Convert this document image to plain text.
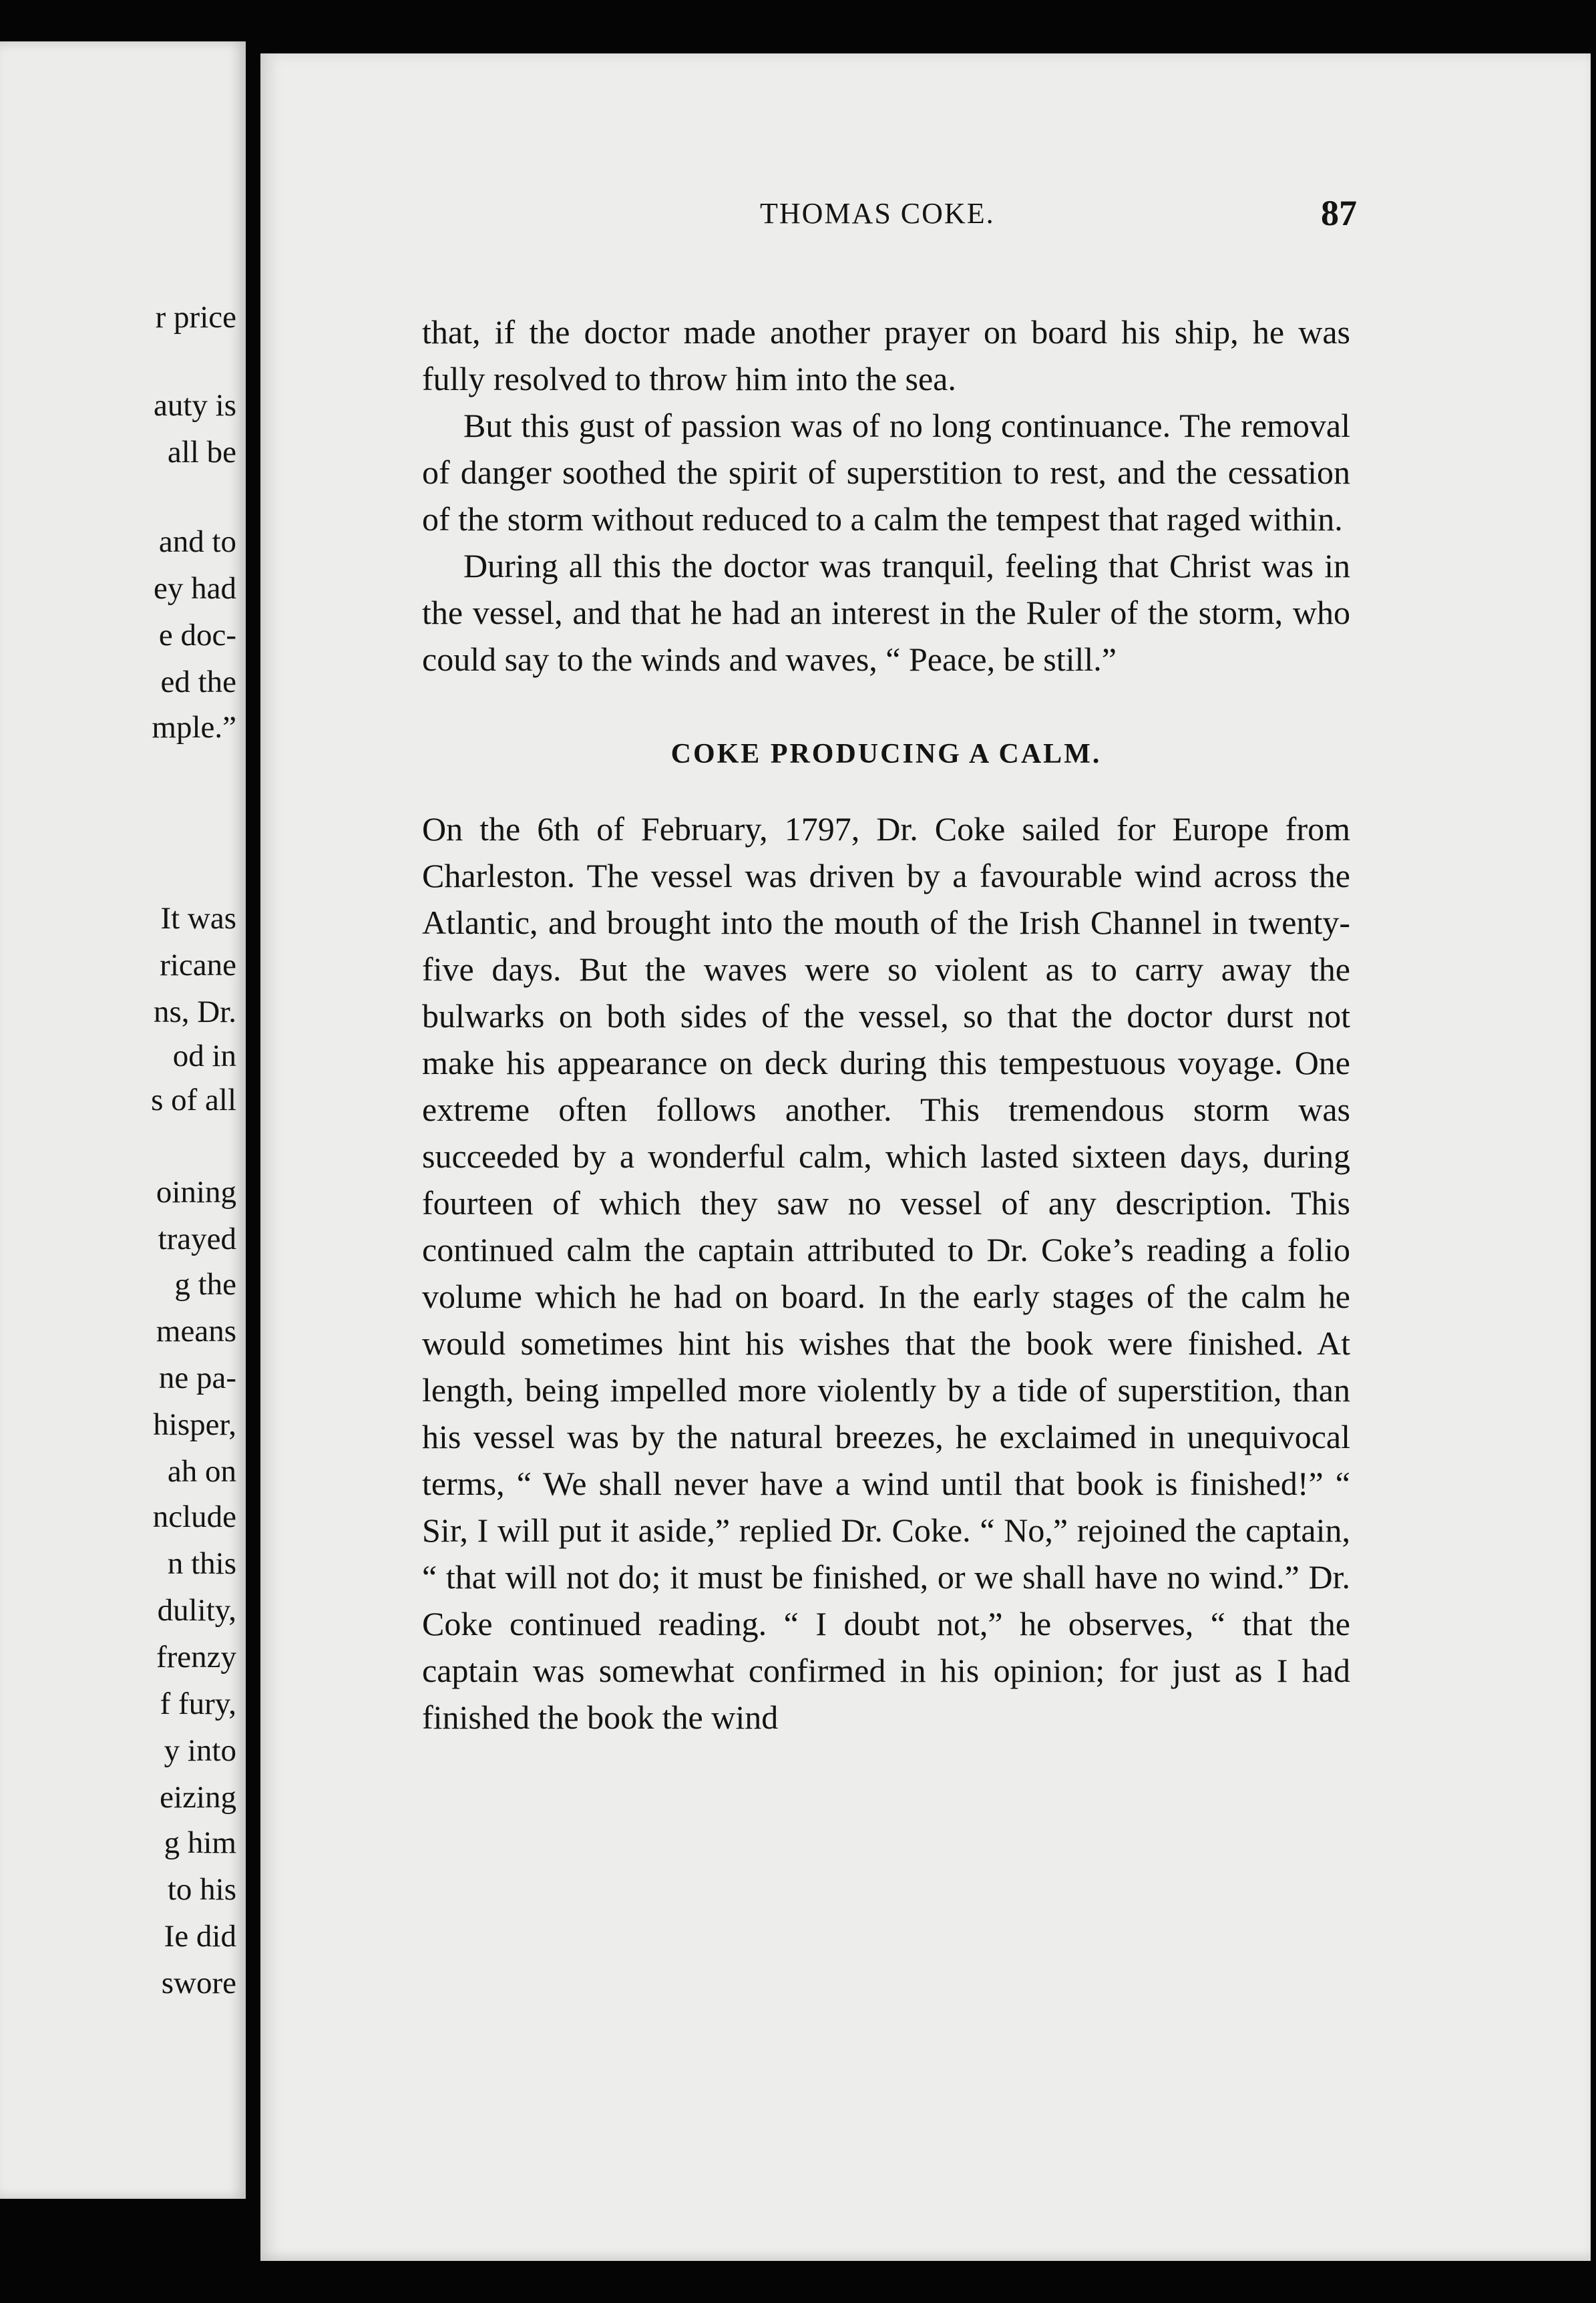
r price

auty is

all be

and to

ey had

e doc-

ed the

mple.”

It was

ricane

ns, Dr.

od in

s of all

oining

trayed

g the

means

ne pa-

hisper,

ah on

nclude

n this

dulity,

frenzy

f fury,

y into

eizing

g him

to his

Ie did

swore

THOMAS COKE.	87

that, if the doctor made another prayer on board his ship, he was fully resolved to throw him into the sea.

But this gust of passion was of no long continuance. The removal of danger soothed the spirit of superstition to rest, and the cessation of the storm without reduced to a calm the tempest that raged within.

During all this the doctor was tranquil, feeling that Christ was in the vessel, and that he had an interest in the Ruler of the storm, who could say to the winds and waves, “ Peace, be still.”

COKE PRODUCING A CALM.

On the 6th of February, 1797, Dr. Coke sailed for Europe from Charleston. The vessel was driven by a favourable wind across the Atlantic, and brought into the mouth of the Irish Channel in twenty-five days. But the waves were so violent as to carry away the bulwarks on both sides of the vessel, so that the doctor durst not make his appearance on deck during this tempestuous voyage. One extreme often follows another. This tremendous storm was succeeded by a wonderful calm, which lasted sixteen days, during fourteen of which they saw no vessel of any description. This continued calm the captain attributed to Dr. Coke’s reading a folio volume which he had on board. In the early stages of the calm he would sometimes hint his wishes that the book were finished. At length, being impelled more violently by a tide of superstition, than his vessel was by the natural breezes, he exclaimed in unequivocal terms, “ We shall never have a wind until that book is finished!” “ Sir, I will put it aside,” replied Dr. Coke. “ No,” rejoined the captain, “ that will not do; it must be finished, or we shall have no wind.” Dr. Coke continued reading. “ I doubt not,” he observes, “ that the captain was somewhat confirmed in his opinion; for just as I had finished the book the wind
